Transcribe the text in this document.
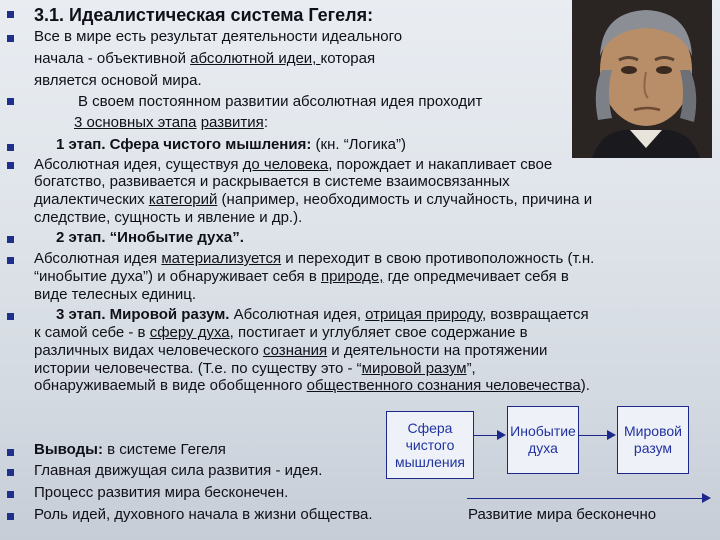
3.1. Идеалистическая система Гегеля:
Все в мире есть результат деятельности идеального
начала - объективной абсолютной идеи, которая
является основой мира.
В своем постоянном развитии абсолютная идея проходит
3 основных этапа развития:
1 этап. Сфера чистого мышления: (кн. “Логика”)
Абсолютная идея, существуя до человека, порождает и накапливает свое
богатство, развивается и раскрывается в системе взаимосвязанных
диалектических категорий (например, необходимость и случайность, причина и
следствие, сущность и явление и др.).
2 этап. “Инобытие духа”.
Абсолютная идея материализуется и переходит в свою противоположность (т.н.
“инобытие духа”) и обнаруживает себя в природе, где опредмечивает себя в
виде телесных единиц.
3 этап. Мировой разум. Абсолютная идея, отрицая природу, возвращается
к самой себе - в сферу духа, постигает и углубляет свое содержание в
различных видах человеческого сознания и деятельности на протяжении
истории человечества. (Т.е. по существу это - “мировой разум”,
обнаруживаемый в виде обобщенного общественного сознания человечества).
Выводы: в системе Гегеля
Главная движущая сила развития - идея.
Процесс развития мира бесконечен.
Роль идей, духовного начала в жизни общества.
Сфера
чистого
мышления
Инобытие
духа
Мировой
разум
Развитие мира бесконечно
